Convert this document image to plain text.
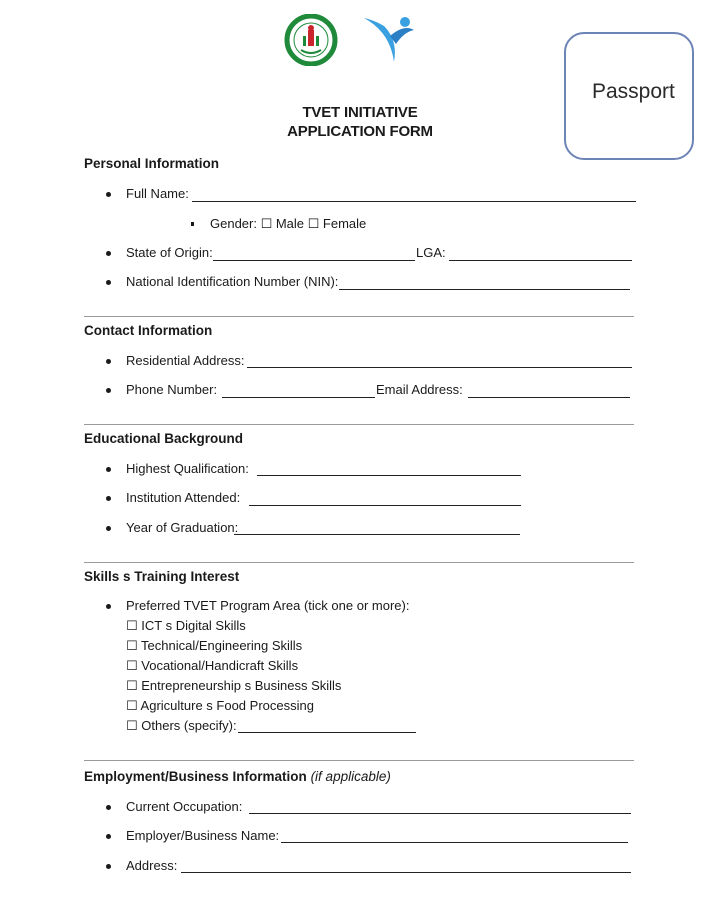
Passport
TVET INITIATIVE
APPLICATION FORM
Personal Information
Full Name:
Gender: ☐ Male ☐ Female
State of Origin:	LGA:
National Identification Number (NIN):
Contact Information
Residential Address:
Phone Number:	Email Address:
Educational Background
Highest Qualification:
Institution Attended:
Year of Graduation:
Skills s Training Interest
Preferred TVET Program Area (tick one or more):
☐ ICT s Digital Skills
☐ Technical/Engineering Skills
☐ Vocational/Handicraft Skills
☐ Entrepreneurship s Business Skills
☐ Agriculture s Food Processing
☐ Others (specify):
Employment/Business Information (if applicable)
Current Occupation:
Employer/Business Name:
Address:
